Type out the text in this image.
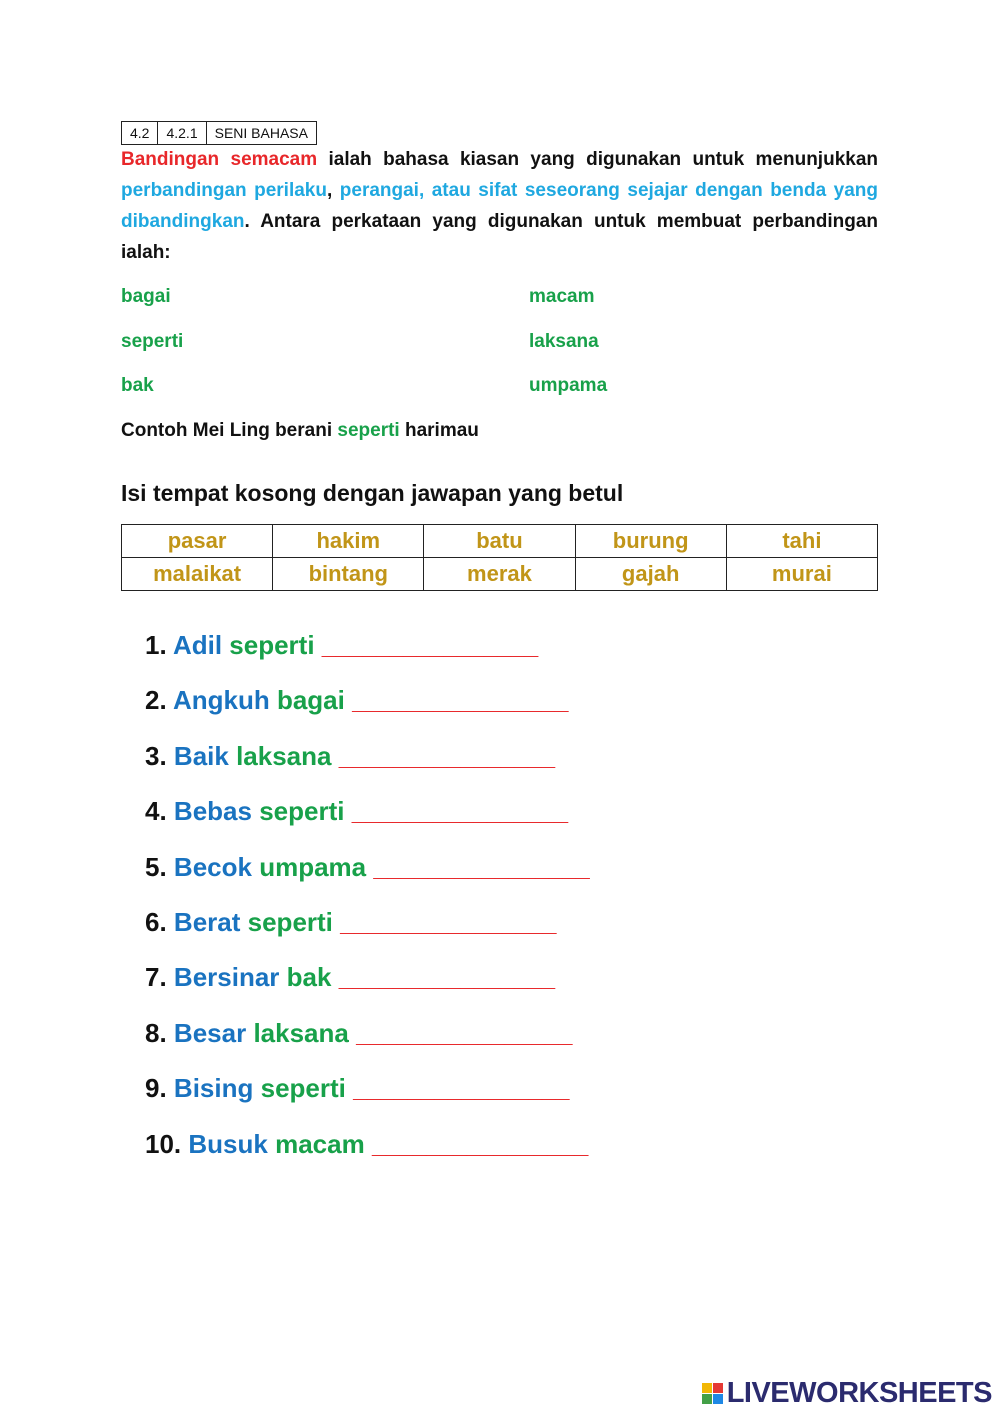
4.2	4.2.1	SENI BAHASA
Bandingan semacam ialah bahasa kiasan yang digunakan untuk menunjukkan perbandingan perilaku, perangai, atau sifat seseorang sejajar dengan benda yang dibandingkan. Antara perkataan yang digunakan untuk membuat perbandingan ialah:
bagai	macam
seperti	laksana
bak	umpama
Contoh Mei Ling berani seperti harimau
Isi tempat kosong dengan jawapan yang betul
pasar	hakim	batu	burung	tahi
malaikat	bintang	merak	gajah	murai
1. Adil seperti ________________
2. Angkuh bagai ________________
3. Baik laksana ________________
4. Bebas seperti ________________
5. Becok umpama ________________
6. Berat seperti ________________
7. Bersinar bak ________________
8. Besar laksana ________________
9. Bising seperti ________________
10. Busuk macam ________________
LIVEWORKSHEETS
